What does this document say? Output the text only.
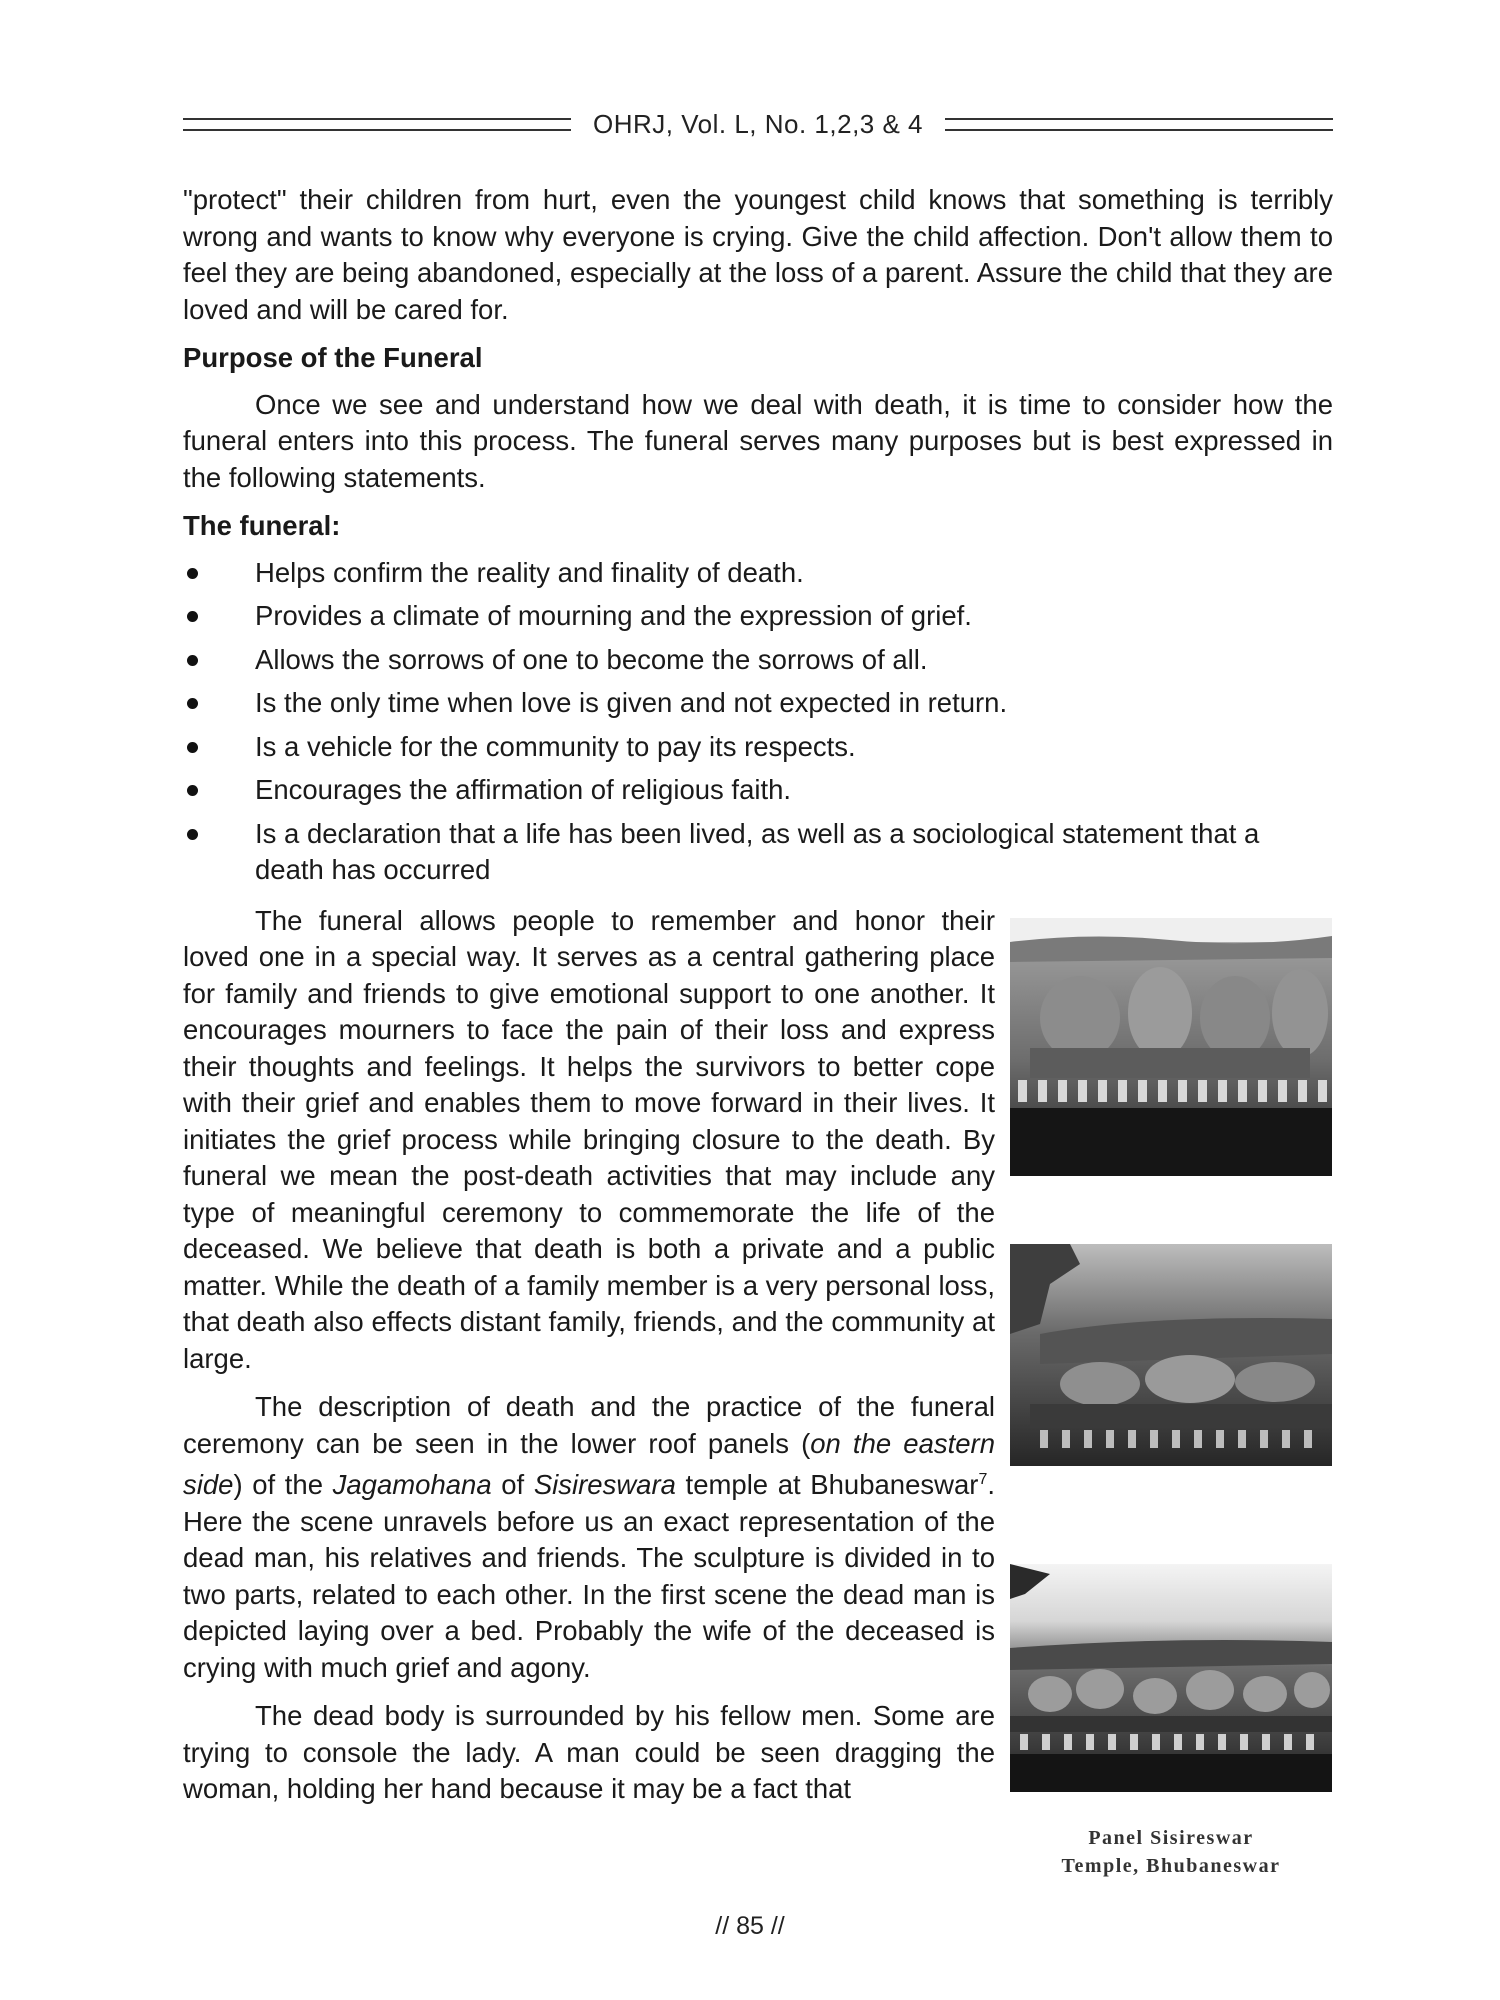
OHRJ, Vol. L, No. 1,2,3 & 4

"protect" their children from hurt, even the youngest child knows that something is terribly wrong and wants to know why everyone is crying. Give the child affection. Don't allow them to feel they are being abandoned, especially at the loss of a parent. Assure the child that they are loved and will be cared for.

Purpose of the Funeral

Once we see and understand how we deal with death, it is time to consider how the funeral enters into this process. The funeral serves many purposes but is best expressed in the following statements.

The funeral:
Helps confirm the reality and finality of death.
Provides a climate of mourning and the expression of grief.
Allows the sorrows of one to become the sorrows of all.
Is the only time when love is given and not expected in return.
Is a vehicle for the community to pay its respects.
Encourages the affirmation of religious faith.
Is a declaration that a life has been lived, as well as a sociological statement that a death has occurred

The funeral allows people to remember and honor their loved one in a special way. It serves as a central gathering place for family and friends to give emotional support to one another. It encourages mourners to face the pain of their loss and express their thoughts and feelings. It helps the survivors to better cope with their grief and enables them to move forward in their lives. It initiates the grief process while bringing closure to the death. By funeral we mean the post-death activities that may include any type of meaningful ceremony to commemorate the life of the deceased. We believe that death is both a private and a public matter. While the death of a family member is a very personal loss, that death also effects distant family, friends, and the community at large.

The description of death and the practice of the funeral ceremony can be seen in the lower roof panels (on the eastern side) of the Jagamohana of Sisireswara temple at Bhubaneswar$^7$. Here the scene unravels before us an exact representation of the dead man, his relatives and friends. The sculpture is divided in to two parts, related to each other. In the first scene the dead man is depicted laying over a bed. Probably the wife of the deceased is crying with much grief and agony.

The dead body is surrounded by his fellow men. Some are trying to console the lady. A man could be seen dragging the woman, holding her hand because it may be a fact that

Panel Sisireswar
Temple, Bhubaneswar
// 85 //
